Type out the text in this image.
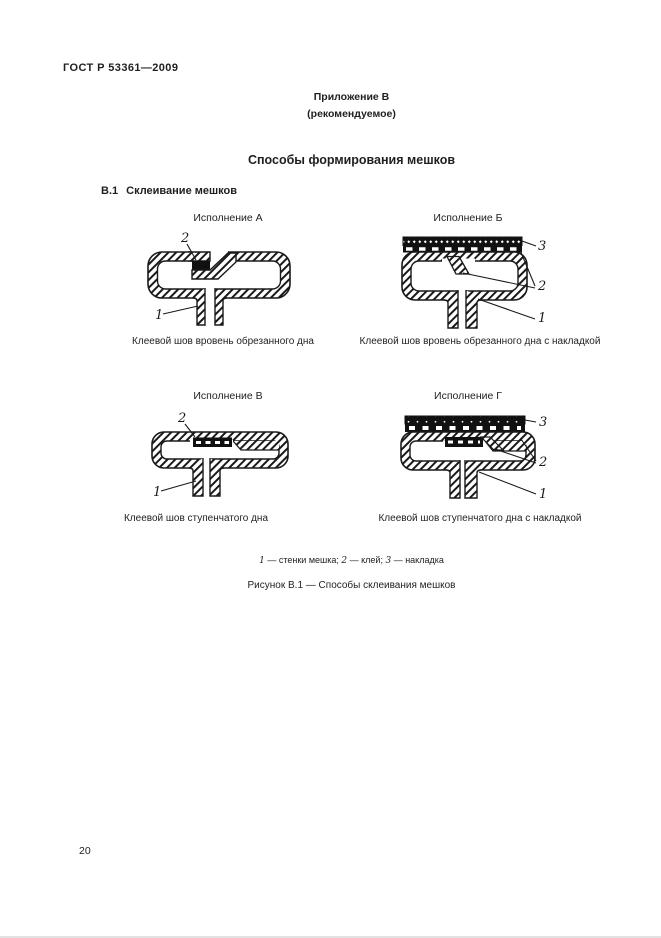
ГОСТ Р 53361—2009
Приложение В
(рекомендуемое)
Способы формирования мешков
В.1 Склеивание мешков
Исполнение А	Исполнение Б
Исполнение В	Исполнение Г
2
1
3
2
1
2
1
3
2
1
Клеевой шов вровень обрезанного дна	Клеевой шов вровень обрезанного дна с накладкой
Клеевой шов ступенчатого дна	Клеевой шов ступенчатого дна с накладкой
1 — стенки мешка; 2 — клей; 3 — накладка
Рисунок В.1 — Способы склеивания мешков
20
